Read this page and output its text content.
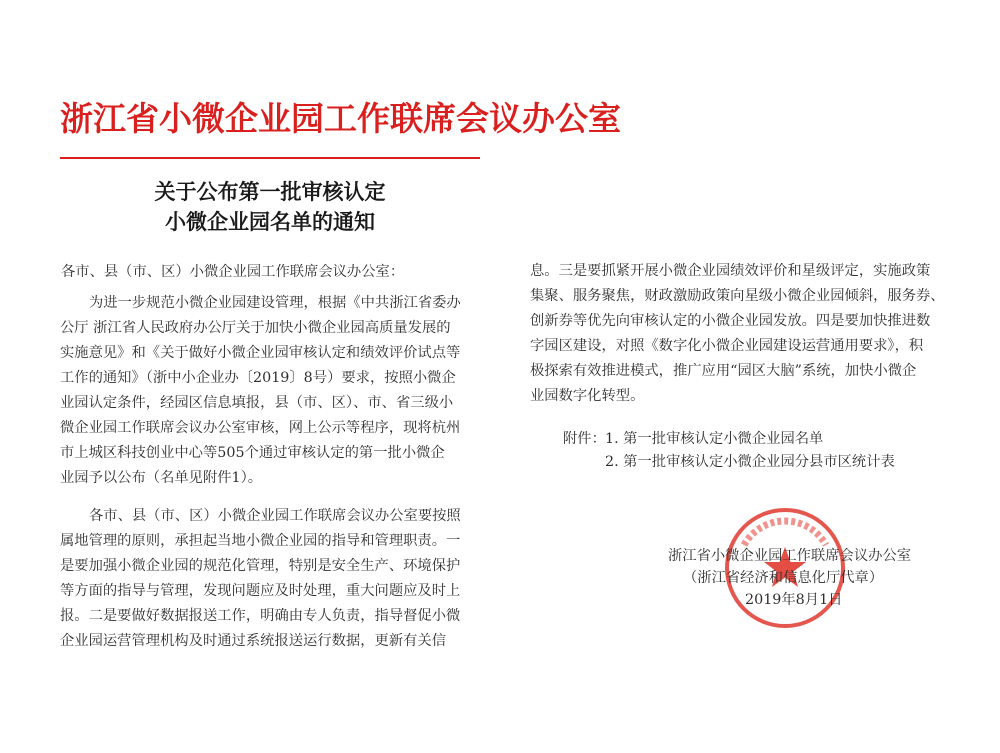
浙江省小微企业园工作联席会议办公室
关于公布第一批审核认定
小微企业园名单的通知
各市、县（市、区）小微企业园工作联席会议办公室：
为进一步规范小微企业园建设管理，根据《中共浙江省委办
公厅 浙江省人民政府办公厅关于加快小微企业园高质量发展的
实施意见》和《关于做好小微企业园审核认定和绩效评价试点等
工作的通知》（浙中小企业办〔2019〕8号）要求，按照小微企
业园认定条件，经园区信息填报，县（市、区）、市、省三级小
微企业园工作联席会议办公室审核，网上公示等程序，现将杭州
市上城区科技创业中心等505个通过审核认定的第一批小微企
业园予以公布（名单见附件1）。
各市、县（市、区）小微企业园工作联席会议办公室要按照
属地管理的原则，承担起当地小微企业园的指导和管理职责。一
是要加强小微企业园的规范化管理，特别是安全生产、环境保护
等方面的指导与管理，发现问题应及时处理，重大问题应及时上
报。二是要做好数据报送工作，明确由专人负责，指导督促小微
企业园运营管理机构及时通过系统报送运行数据，更新有关信
息。三是要抓紧开展小微企业园绩效评价和星级评定，实施政策
集聚、服务聚焦，财政激励政策向星级小微企业园倾斜，服务券、
创新券等优先向审核认定的小微企业园发放。四是要加快推进数
字园区建设，对照《数字化小微企业园建设运营通用要求》，积
极探索有效推进模式，推广应用“园区大脑”系统，加快小微企
业园数字化转型。
附件： 1. 第一批审核认定小微企业园名单
2. 第一批审核认定小微企业园分县市区统计表
浙江省小微企业园工作联席会议办公室
（浙江省经济和信息化厅代章）
2019年8月1日
